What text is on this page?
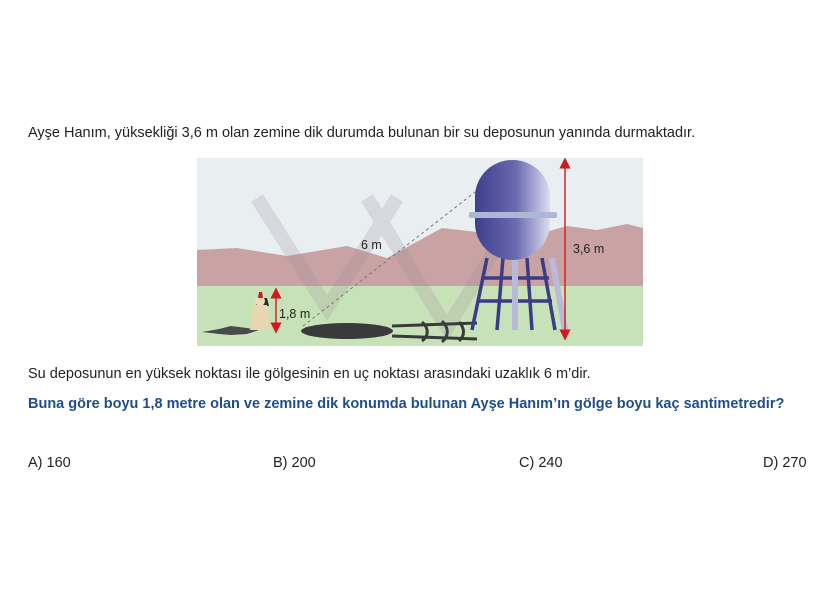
Ayşe Hanım, yüksekliği 3,6 m olan zemine dik durumda bulunan bir su deposunun yanında durmaktadır.

6 m	3,6 m
1,8 m

Su deposunun en yüksek noktası ile gölgesinin en uç noktası arasındaki uzaklık 6 m’dir.

Buna göre boyu 1,8 metre olan ve zemine dik konumda bulunan Ayşe Hanım’ın gölge boyu kaç santimetredir?

A) 160	B) 200	C) 240	D) 270
